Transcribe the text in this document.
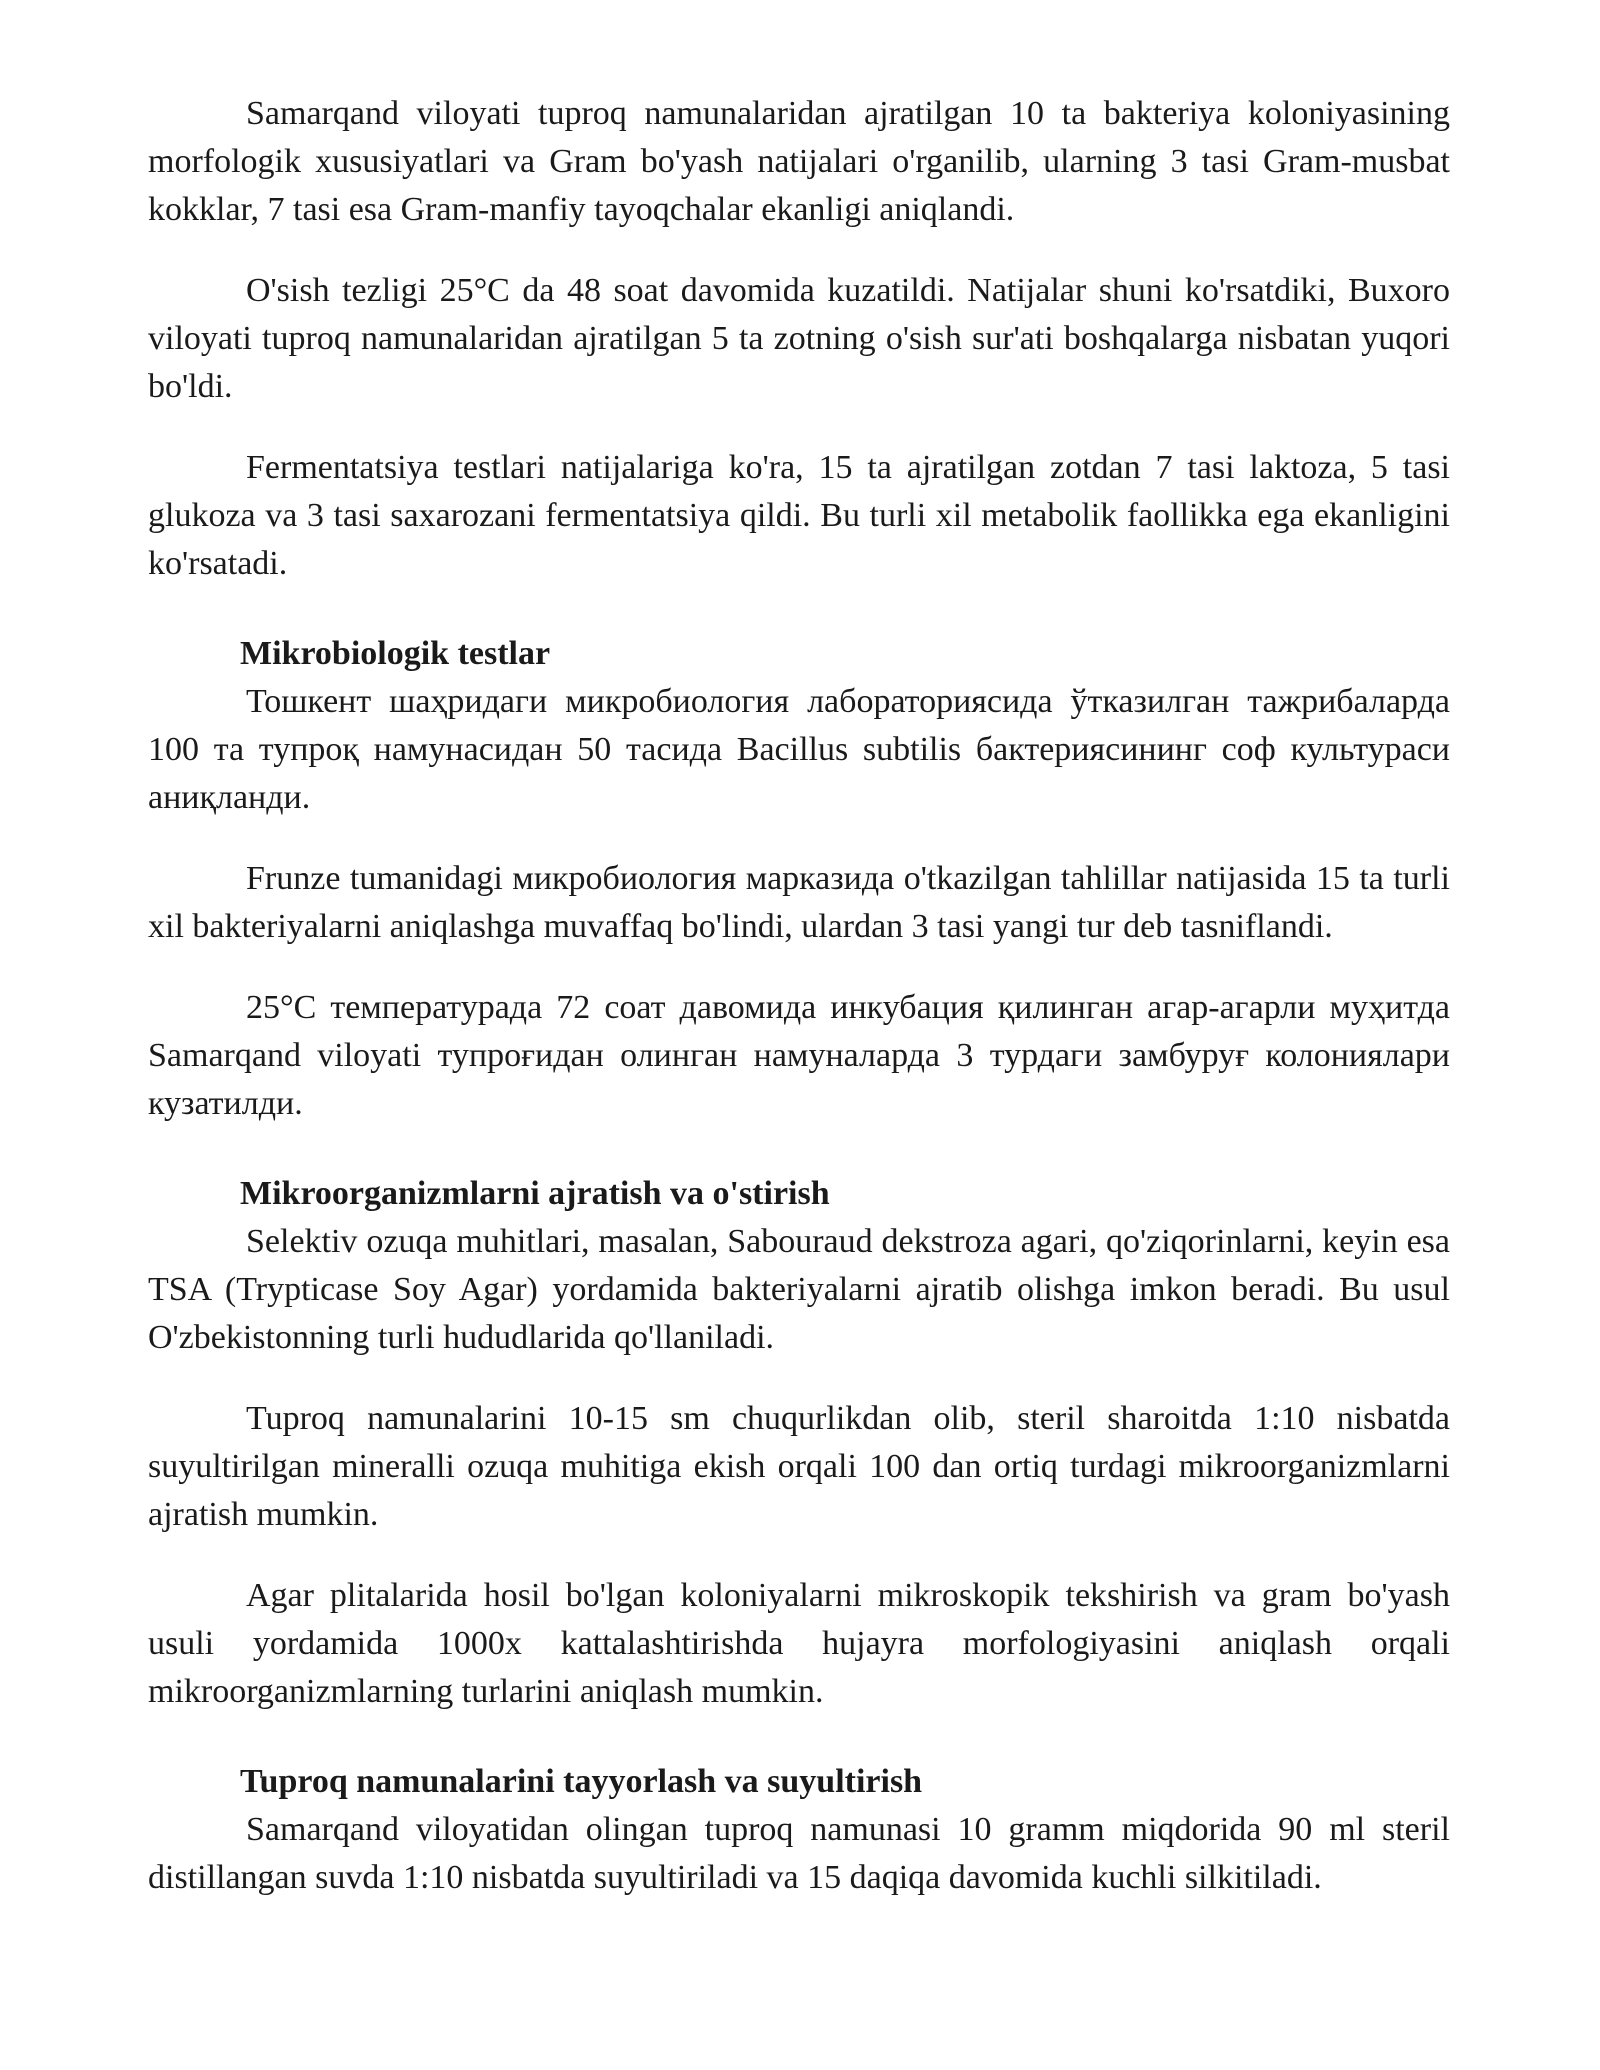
Samarqand viloyati tuproq namunalaridan ajratilgan 10 ta bakteriya koloniyasining morfologik xususiyatlari va Gram bo'yash natijalari o'rganilib, ularning 3 tasi Gram-musbat kokklar, 7 tasi esa Gram-manfiy tayoqchalar ekanligi aniqlandi.

O'sish tezligi 25°C da 48 soat davomida kuzatildi. Natijalar shuni ko'rsatdiki, Buxoro viloyati tuproq namunalaridan ajratilgan 5 ta zotning o'sish sur'ati boshqalarga nisbatan yuqori bo'ldi.

Fermentatsiya testlari natijalariga ko'ra, 15 ta ajratilgan zotdan 7 tasi laktoza, 5 tasi glukoza va 3 tasi saxarozani fermentatsiya qildi. Bu turli xil metabolik faollikka ega ekanligini ko'rsatadi.

Mikrobiologik testlar

Тошкент шаҳридаги микробиология лабораториясида ўтказилган тажрибаларда 100 та тупроқ намунасидан 50 тасида Bacillus subtilis бактериясининг соф культураси аниқланди.

Frunze tumanidagi микробиология марказида o'tkazilgan tahlillar natijasida 15 ta turli xil bakteriyalarni aniqlashga muvaffaq bo'lindi, ulardan 3 tasi yangi tur deb tasniflandi.

25°C температурада 72 соат давомида инкубация қилинган агар-агарли муҳитда Samarqand viloyati тупроғидан олинган намуналарда 3 турдаги замбуруғ колониялари кузатилди.

Mikroorganizmlarni ajratish va o'stirish

Selektiv ozuqa muhitlari, masalan, Sabouraud dekstroza agari, qo'ziqorinlarni, keyin esa TSA (Trypticase Soy Agar) yordamida bakteriyalarni ajratib olishga imkon beradi. Bu usul O'zbekistonning turli hududlarida qo'llaniladi.

Tuproq namunalarini 10-15 sm chuqurlikdan olib, steril sharoitda 1:10 nisbatda suyultirilgan mineralli ozuqa muhitiga ekish orqali 100 dan ortiq turdagi mikroorganizmlarni ajratish mumkin.

Agar plitalarida hosil bo'lgan koloniyalarni mikroskopik tekshirish va gram bo'yash usuli yordamida 1000x kattalashtirishda hujayra morfologiyasini aniqlash orqali mikroorganizmlarning turlarini aniqlash mumkin.

Tuproq namunalarini tayyorlash va suyultirish

Samarqand viloyatidan olingan tuproq namunasi 10 gramm miqdorida 90 ml steril distillangan suvda 1:10 nisbatda suyultiriladi va 15 daqiqa davomida kuchli silkitiladi.
